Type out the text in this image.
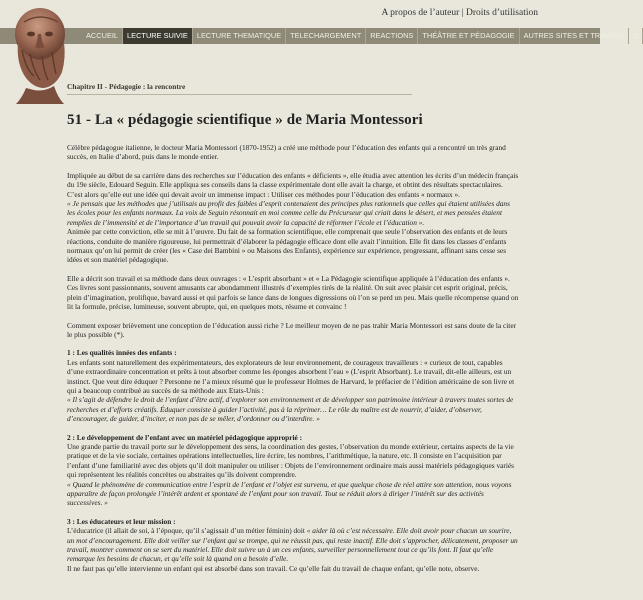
A propos de l’auteur | Droits d’utilisation
ACCUEIL	LECTURE SUIVIE	LECTURE THEMATIQUE	TELECHARGEMENT	REACTIONS	THÉÂTRE ET PÉDAGOGIE	AUTRES SITES ET TRAVAUX	C
Chapitre II - Pédagogie : la rencontre
51 - La « pédagogie scientifique » de Maria Montessori

Célèbre pédagogue italienne, le docteur Maria Montessori (1870-1952) a créé une méthode pour l’éducation des enfants qui a rencontré un très grand succès, en Italie d’abord, puis dans le monde entier.

Impliquée au début de sa carrière dans des recherches sur l’éducation des enfants « déficients », elle étudia avec attention les écrits d’un médecin français du 19e siècle, Edouard Seguin. Elle appliqua ses conseils dans la classe expérimentale dont elle avait la charge, et obtint des résultats spectaculaires. C’est alors qu’elle eut une idée qui devait avoir un immense impact : Utiliser ces méthodes pour l’éducation des enfants « normaux ».

« Je pensais que les méthodes que j’utilisais au profit des faibles d’esprit contenaient des principes plus rationnels que celles qui étaient utilisées dans les écoles pour les enfants normaux. La voix de Seguin résonnait en moi comme celle du Précurseur qui criait dans le désert, et mes pensées étaient remplies de l’immensité et de l’importance d’un travail qui pouvait avoir la capacité de réformer l’école et l’éducation ».

Animée par cette conviction, elle se mit à l’œuvre. Du fait de sa formation scientifique, elle comprenait que seule l’observation des enfants et de leurs réactions, conduite de manière rigoureuse, lui permettrait d’élaborer la pédagogie efficace dont elle avait l’intuition. Elle fit dans les classes d’enfants normaux qu’on lui permit de créer (les « Case dei Bambini » ou Maisons des Enfants), expérience sur expérience, progressant, affinant sans cesse ses idées et son matériel pédagogique.

Elle a décrit son travail et sa méthode dans deux ouvrages : « L’esprit absorbant » et « La Pédagogie scientifique appliquée à l’éducation des enfants ».

Ces livres sont passionnants, souvent amusants car abondamment illustrés d’exemples tirés de la réalité. On suit avec plaisir cet esprit original, précis, plein d’imagination, prolifique, bavard aussi et qui parfois se lance dans de longues digressions où l’on se perd un peu. Mais quelle récompense quand on lit la formule, précise, lumineuse, souvent abrupte, qui, en quelques mots, résume et convainc !

Comment exposer brièvement une conception de l’éducation aussi riche ? Le meilleur moyen de ne pas trahir Maria Montessori est sans doute de la citer le plus possible (*).

1 : Les qualités innées des enfants :

Les enfants sont naturellement des expérimentateurs, des explorateurs de leur environnement, de courageux travailleurs : « curieux de tout, capables d’une extraordinaire concentration et prêts à tout absorber comme les éponges absorbent l’eau » (L’esprit Absorbant). Le travail, dit-elle ailleurs, est un instinct. Que veut dire éduquer ? Personne ne l’a mieux résumé que le professeur Holmes de Harvard, le préfacier de l’édition américaine de son livre et qui a beaucoup contribué au succès de sa méthode aux Etats-Unis :

« Il s’agit de défendre le droit de l’enfant d’être actif, d’explorer son environnement et de développer son patrimoine intérieur à travers toutes sortes de recherches et d’efforts créatifs. Éduquer consiste à guider l’activité, pas à la réprimer… Le rôle du maître est de nourrir, d’aider, d’observer, d’encourager, de guider, d’inciter, et non pas de se mêler, d’ordonner ou d’interdire. »
2 : Le développement de l’enfant avec un matériel pédagogique approprié :

Une grande partie du travail porte sur le développement des sens, la coordination des gestes, l’observation du monde extérieur, certains aspects de la vie pratique et de la vie sociale, certaines opérations intellectuelles, lire écrire, les nombres, l’arithmétique, la nature, etc. Il consiste en l’acquisition par l’enfant d’une familiarité avec des objets qu’il doit manipuler ou utiliser : Objets de l’environnement ordinaire mais aussi matériels pédagogiques variés qui représentent les réalités concrètes ou abstraites qu’ils doivent comprendre.

« Quand le phénomène de communication entre l’esprit de l’enfant et l’objet est survenu, et que quelque chose de réel attire son attention, nous voyons apparaître de façon prolongée l’intérêt ardent et spontané de l’enfant pour son travail. Tout se réduit alors à diriger l’intérêt sur des activités successives. »
3 : Les éducateurs et leur mission :

L’éducatrice (il allait de soi, à l’époque, qu’il s’agissait d’un métier féminin) doit « aider là où c’est nécessaire. Elle doit avoir pour chacun un sourire, un mot d’encouragement. Elle doit veiller sur l’enfant qui se trompe, qui ne réussit pas, qui reste inactif. Elle doit s’approcher, délicatement, proposer un travail, montrer comment on se sert du matériel. Elle doit suivre un à un ces enfants, surveiller personnellement tout ce qu’ils font. Il faut qu’elle remarque les besoins de chacun, et qu’elle soit là quand on a besoin d’elle.

Il ne faut pas qu’elle intervienne un enfant qui est absorbé dans son travail. Ce qu’elle fait du travail de chaque enfant, qu’elle note, observe.
